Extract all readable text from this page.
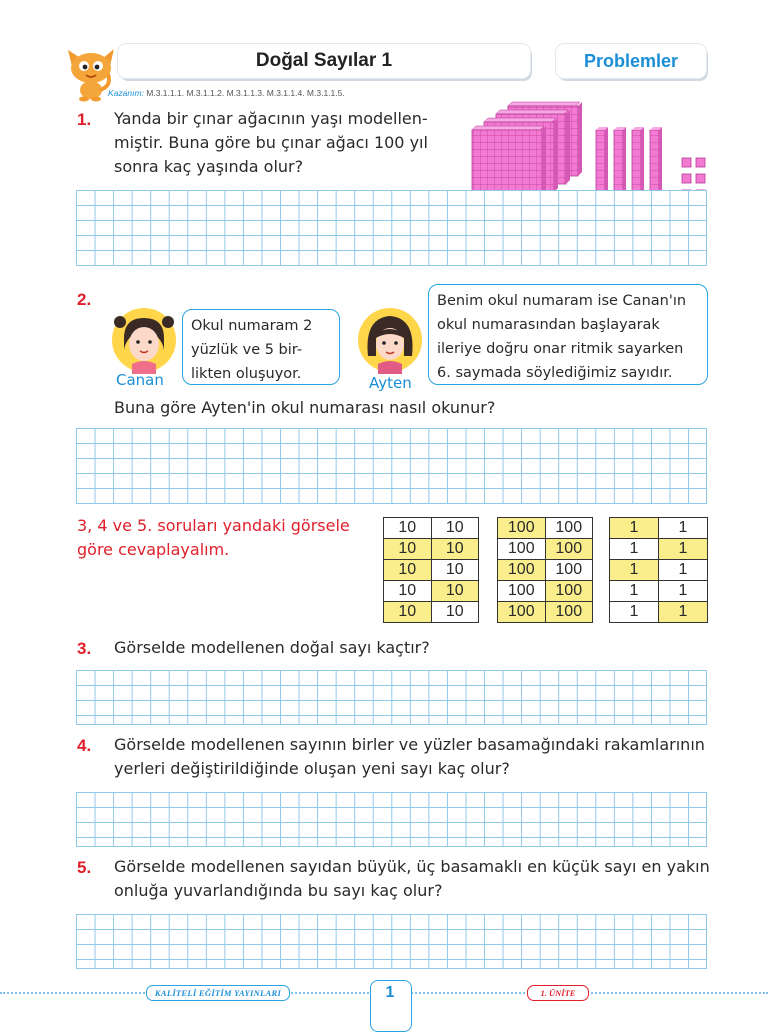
Doğal Sayılar 1	Problemler
Kazanım: M.3.1.1.1. M.3.1.1.2. M.3.1.1.3. M.3.1.1.4. M.3.1.1.5.
1. Yanda bir çınar ağacının yaşı modellen-
miştir. Buna göre bu çınar ağacı 100 yıl
sonra kaç yaşında olur?
2.
Canan
Okul numaram 2
yüzlük ve 5 bir-
likten oluşuyor.	Ayten
Benim okul numaram ise Canan'ın
okul numarasından başlayarak
ileriye doğru onar ritmik sayarken
6. saymada söylediğimiz sayıdır.
Buna göre Ayten'in okul numarası nasıl okunur?
3, 4 ve 5. soruları yandaki görsele
göre cevaplayalım.
10	10
10	10
10	10
10	10
10	10
100	100
100	100
100	100
100	100
100	100
1	1
1	1
1	1
1	1
1	1
3. Görselde modellenen doğal sayı kaçtır?
4. Görselde modellenen sayının birler ve yüzler basamağındaki rakamlarının
yerleri değiştirildiğinde oluşan yeni sayı kaç olur?
5. Görselde modellenen sayıdan büyük, üç basamaklı en küçük sayı en yakın
onluğa yuvarlandığında bu sayı kaç olur?
KALİTELİ EĞİTİM YAYINLARI	1	1. ÜNİTE
